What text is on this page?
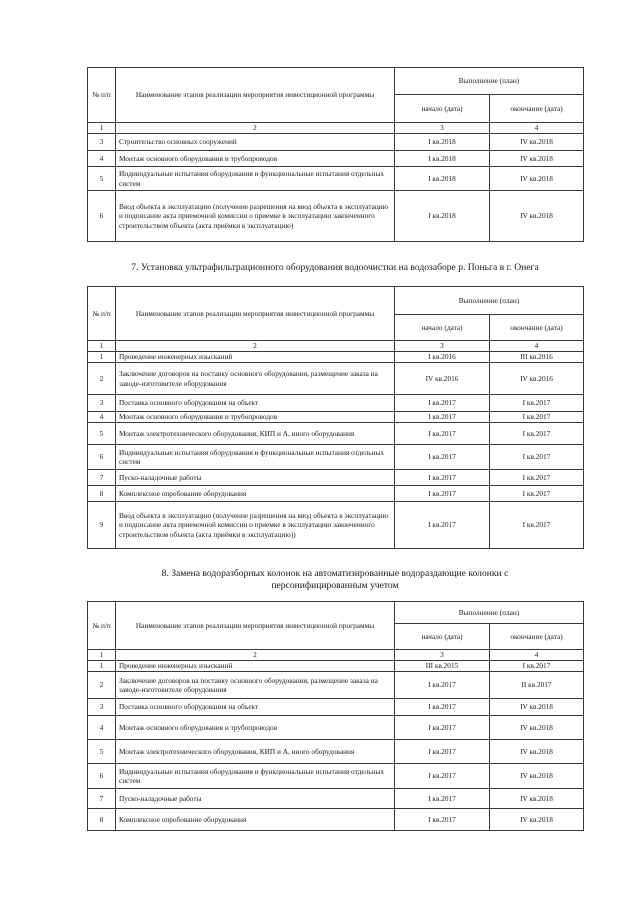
№ п/п	Наименование этапов реализации мероприятия инвестиционной программы	Выполнение (план)	
		начало (дата)	окончание (дата)
1	2	3	4
3	Строительство основных сооружений	I кв.2018	IV кв.2018
4	Монтаж основного оборудования и трубопроводов	I кв.2018	IV кв.2018
5	Индивидуальные испытания оборудования и функциональные испытания отдельных систем	I кв.2018	IV кв.2018
6	Ввод объекта в эксплуатацию (получение разрешения на ввод объекта в эксплуатацию и подписание акта приемочной комиссии о приемке в эксплуатацию законченного строительством объекта (акта приёмки в эксплуатацию)	I кв.2018	IV кв.2018
7. Установка ультрафильтрационного оборудования водоочистки на водозаборе р. Поньга в г. Онега
№ п/п	Наименование этапов реализации мероприятия инвестиционной программы	Выполнение (план)	
		начало (дата)	окончание (дата)
1	2	3	4
1	Проведение инженерных изысканий	I кв.2016	III кв.2016
2	Заключение договоров на поставку основного оборудования, размещение заказа на заводе-изготовителе оборудования	IV кв.2016	IV кв.2016
3	Поставка основного оборудования на объект	I кв.2017	I кв.2017
4	Монтаж основного оборудования и трубопроводов	I кв.2017	I кв.2017
5	Монтаж электротехнического оборудования, КИП и А, иного оборудования	I кв.2017	I кв.2017
6	Индивидуальные испытания оборудования и функциональные испытания отдельных систем	I кв.2017	I кв.2017
7	Пуско-наладочные работы	I кв.2017	I кв.2017
8	Комплексное опробование оборудования	I кв.2017	I кв.2017
9	Ввод объекта в эксплуатацию (получение разрешения на ввод объекта в эксплуатацию и подписание акта приемочной комиссии о приемке в эксплуатацию законченного строительством объекта (акта приёмки в эксплуатацию))	I кв.2017	I кв.2017
8. Замена водоразборных колонок на автоматизированные водораздающие колонки с персонифицированным учетом
№ п/п	Наименование этапов реализации мероприятия инвестиционной программы	Выполнение (план)	
		начало (дата)	окончание (дата)
1	2	3	4
1	Проведение инженерных изысканий	III кв.2015	I кв.2017
2	Заключение договоров на поставку основного оборудования, размещение заказа на заводе-изготовителе оборудования	I кв.2017	II кв.2017
3	Поставка основного оборудования на объект	I кв.2017	IV кв.2018
4	Монтаж основного оборудования и трубопроводов	I кв.2017	IV кв.2018
5	Монтаж электротехнического оборудования, КИП и А, иного оборудования	I кв.2017	IV кв.2018
6	Индивидуальные испытания оборудования и функциональные испытания отдельных систем	I кв.2017	IV кв.2018
7	Пуско-наладочные работы	I кв.2017	IV кв.2018
8	Комплексное опробование оборудования	I кв.2017	IV кв.2018
